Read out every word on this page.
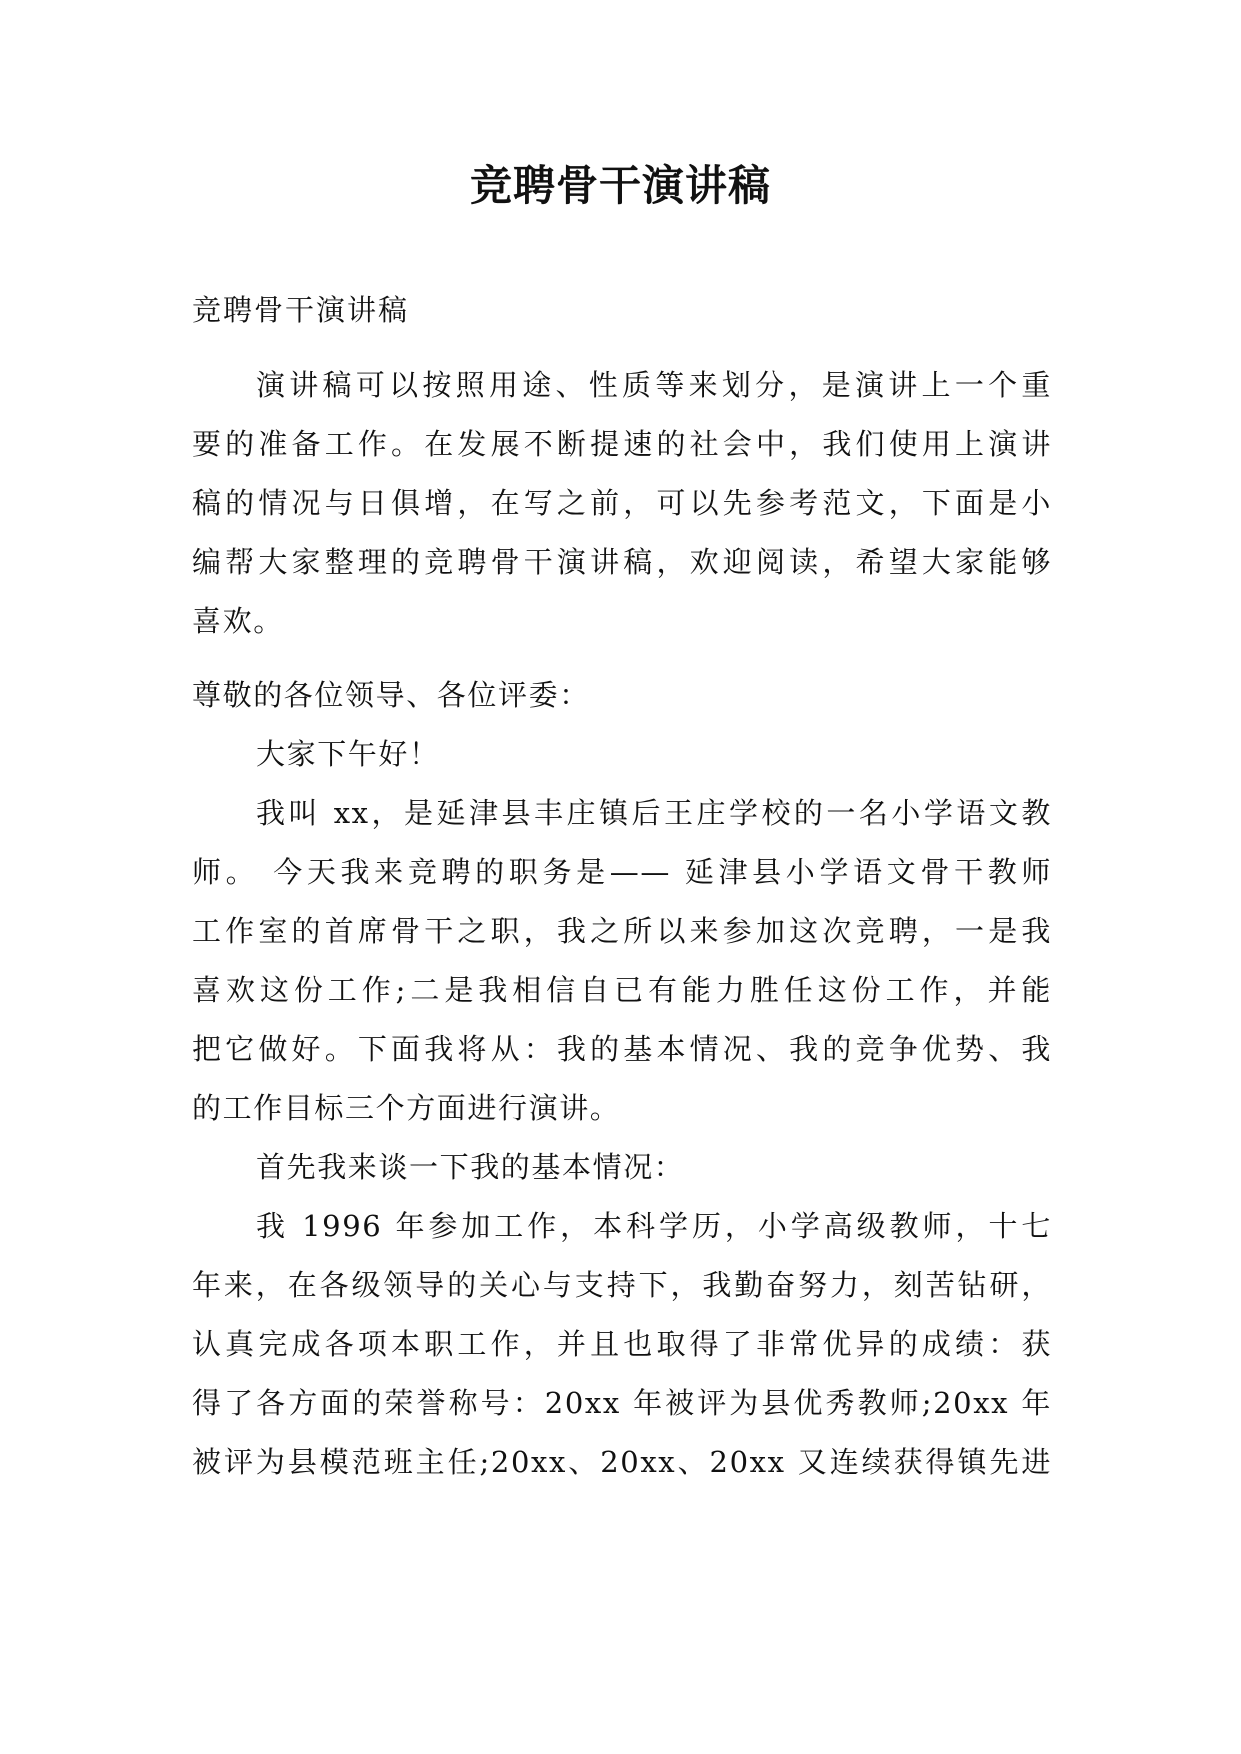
竞聘骨干演讲稿
竞聘骨干演讲稿
演讲稿可以按照用途、性质等来划分，是演讲上一个重
要的准备工作。在发展不断提速的社会中，我们使用上演讲
稿的情况与日俱增，在写之前，可以先参考范文，下面是小
编帮大家整理的竞聘骨干演讲稿，欢迎阅读，希望大家能够
喜欢。
尊敬的各位领导、各位评委：
大家下午好！
我叫 xx，是延津县丰庄镇后王庄学校的一名小学语文教
师。 今天我来竞聘的职务是—— 延津县小学语文骨干教师
工作室的首席骨干之职，我之所以来参加这次竞聘，一是我
喜欢这份工作;二是我相信自已有能力胜任这份工作，并能
把它做好。下面我将从：我的基本情况、我的竞争优势、我
的工作目标三个方面进行演讲。
首先我来谈一下我的基本情况：
我 1996 年参加工作，本科学历，小学高级教师，十七
年来，在各级领导的关心与支持下，我勤奋努力，刻苦钻研，
认真完成各项本职工作，并且也取得了非常优异的成绩：获
得了各方面的荣誉称号：20xx 年被评为县优秀教师;20xx 年
被评为县模范班主任;20xx、20xx、20xx 又连续获得镇先进
